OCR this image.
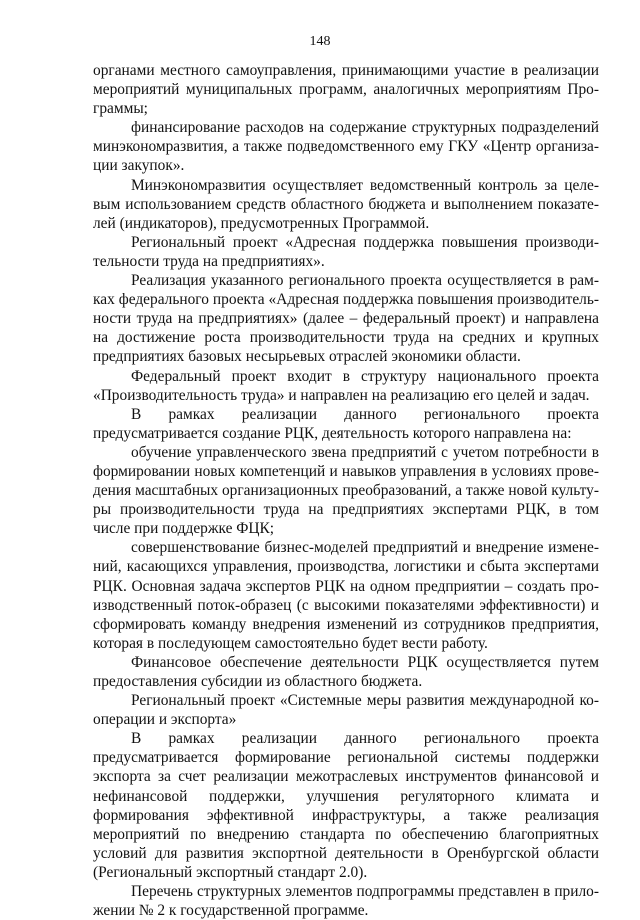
148

органами местного самоуправления, принимающими участие в реализации мероприятий муниципальных программ, аналогичных мероприятиям Программы;

финансирование расходов на содержание структурных подразделений минэкономразвития, а также подведомственного ему ГКУ «Центр организации закупок».

Минэкономразвития осуществляет ведомственный контроль за целевым использованием средств областного бюджета и выполнением показателей (индикаторов), предусмотренных Программой.

Региональный проект «Адресная поддержка повышения производительности труда на предприятиях».

Реализация указанного регионального проекта осуществляется в рамках федерального проекта «Адресная поддержка повышения производительности труда на предприятиях» (далее – федеральный проект) и направлена на достижение роста производительности труда на средних и крупных предприятиях базовых несырьевых отраслей экономики области.

Федеральный проект входит в структуру национального проекта «Производительность труда» и направлен на реализацию его целей и задач.

В рамках реализации данного регионального проекта предусматривается создание РЦК, деятельность которого направлена на:

обучение управленческого звена предприятий с учетом потребности в формировании новых компетенций и навыков управления в условиях проведения масштабных организационных преобразований, а также новой культуры производительности труда на предприятиях экспертами РЦК, в том числе при поддержке ФЦК;

совершенствование бизнес-моделей предприятий и внедрение изменений, касающихся управления, производства, логистики и сбыта экспертами РЦК. Основная задача экспертов РЦК на одном предприятии – создать производственный поток-образец (с высокими показателями эффективности) и сформировать команду внедрения изменений из сотрудников предприятия, которая в последующем самостоятельно будет вести работу.

Финансовое обеспечение деятельности РЦК осуществляется путем предоставления субсидии из областного бюджета.

Региональный проект «Системные меры развития международной кооперации и экспорта»

В рамках реализации данного регионального проекта предусматривается формирование региональной системы поддержки экспорта за счет реализации межотраслевых инструментов финансовой и нефинансовой поддержки, улучшения регуляторного климата и формирования эффективной инфраструктуры, а также реализация мероприятий по внедрению стандарта по обеспечению благоприятных условий для развития экспортной деятельности в Оренбургской области (Региональный экспортный стандарт 2.0).

Перечень структурных элементов подпрограммы представлен в приложении № 2 к государственной программе.
